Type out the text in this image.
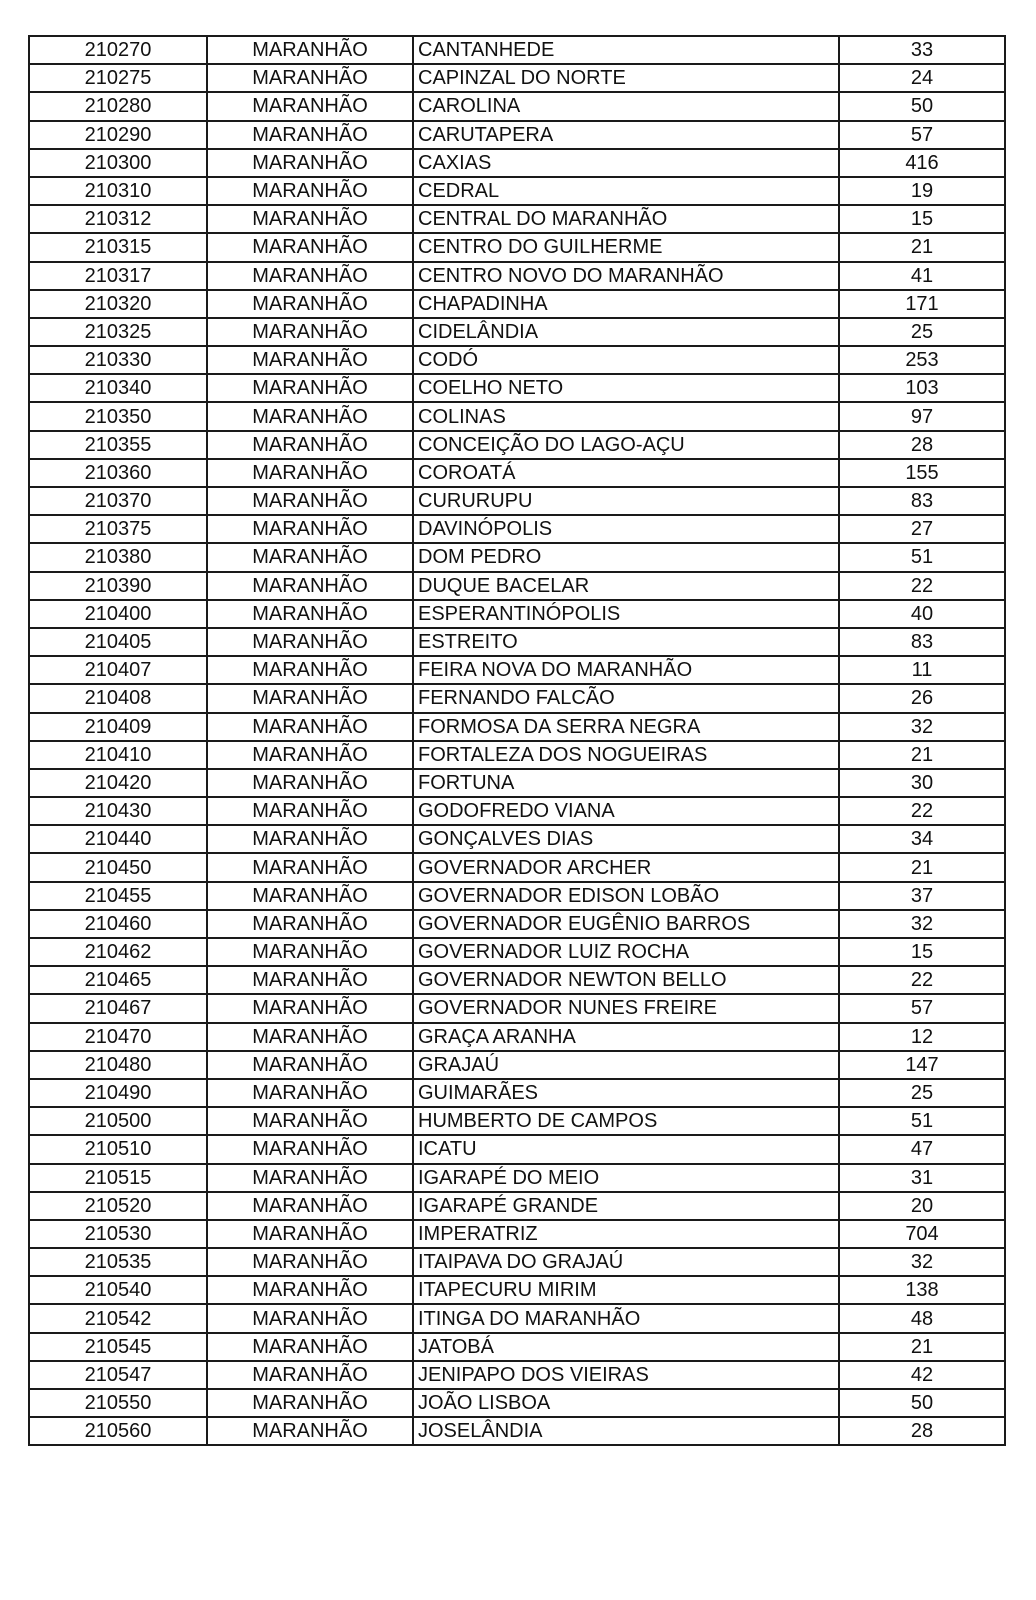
210270	MARANHÃO	CANTANHEDE	33
210275	MARANHÃO	CAPINZAL DO NORTE	24
210280	MARANHÃO	CAROLINA	50
210290	MARANHÃO	CARUTAPERA	57
210300	MARANHÃO	CAXIAS	416
210310	MARANHÃO	CEDRAL	19
210312	MARANHÃO	CENTRAL DO MARANHÃO	15
210315	MARANHÃO	CENTRO DO GUILHERME	21
210317	MARANHÃO	CENTRO NOVO DO MARANHÃO	41
210320	MARANHÃO	CHAPADINHA	171
210325	MARANHÃO	CIDELÂNDIA	25
210330	MARANHÃO	CODÓ	253
210340	MARANHÃO	COELHO NETO	103
210350	MARANHÃO	COLINAS	97
210355	MARANHÃO	CONCEIÇÃO DO LAGO-AÇU	28
210360	MARANHÃO	COROATÁ	155
210370	MARANHÃO	CURURUPU	83
210375	MARANHÃO	DAVINÓPOLIS	27
210380	MARANHÃO	DOM PEDRO	51
210390	MARANHÃO	DUQUE BACELAR	22
210400	MARANHÃO	ESPERANTINÓPOLIS	40
210405	MARANHÃO	ESTREITO	83
210407	MARANHÃO	FEIRA NOVA DO MARANHÃO	11
210408	MARANHÃO	FERNANDO FALCÃO	26
210409	MARANHÃO	FORMOSA DA SERRA NEGRA	32
210410	MARANHÃO	FORTALEZA DOS NOGUEIRAS	21
210420	MARANHÃO	FORTUNA	30
210430	MARANHÃO	GODOFREDO VIANA	22
210440	MARANHÃO	GONÇALVES DIAS	34
210450	MARANHÃO	GOVERNADOR ARCHER	21
210455	MARANHÃO	GOVERNADOR EDISON LOBÃO	37
210460	MARANHÃO	GOVERNADOR EUGÊNIO BARROS	32
210462	MARANHÃO	GOVERNADOR LUIZ ROCHA	15
210465	MARANHÃO	GOVERNADOR NEWTON BELLO	22
210467	MARANHÃO	GOVERNADOR NUNES FREIRE	57
210470	MARANHÃO	GRAÇA ARANHA	12
210480	MARANHÃO	GRAJAÚ	147
210490	MARANHÃO	GUIMARÃES	25
210500	MARANHÃO	HUMBERTO DE CAMPOS	51
210510	MARANHÃO	ICATU	47
210515	MARANHÃO	IGARAPÉ DO MEIO	31
210520	MARANHÃO	IGARAPÉ GRANDE	20
210530	MARANHÃO	IMPERATRIZ	704
210535	MARANHÃO	ITAIPAVA DO GRAJAÚ	32
210540	MARANHÃO	ITAPECURU MIRIM	138
210542	MARANHÃO	ITINGA DO MARANHÃO	48
210545	MARANHÃO	JATOBÁ	21
210547	MARANHÃO	JENIPAPO DOS VIEIRAS	42
210550	MARANHÃO	JOÃO LISBOA	50
210560	MARANHÃO	JOSELÂNDIA	28
